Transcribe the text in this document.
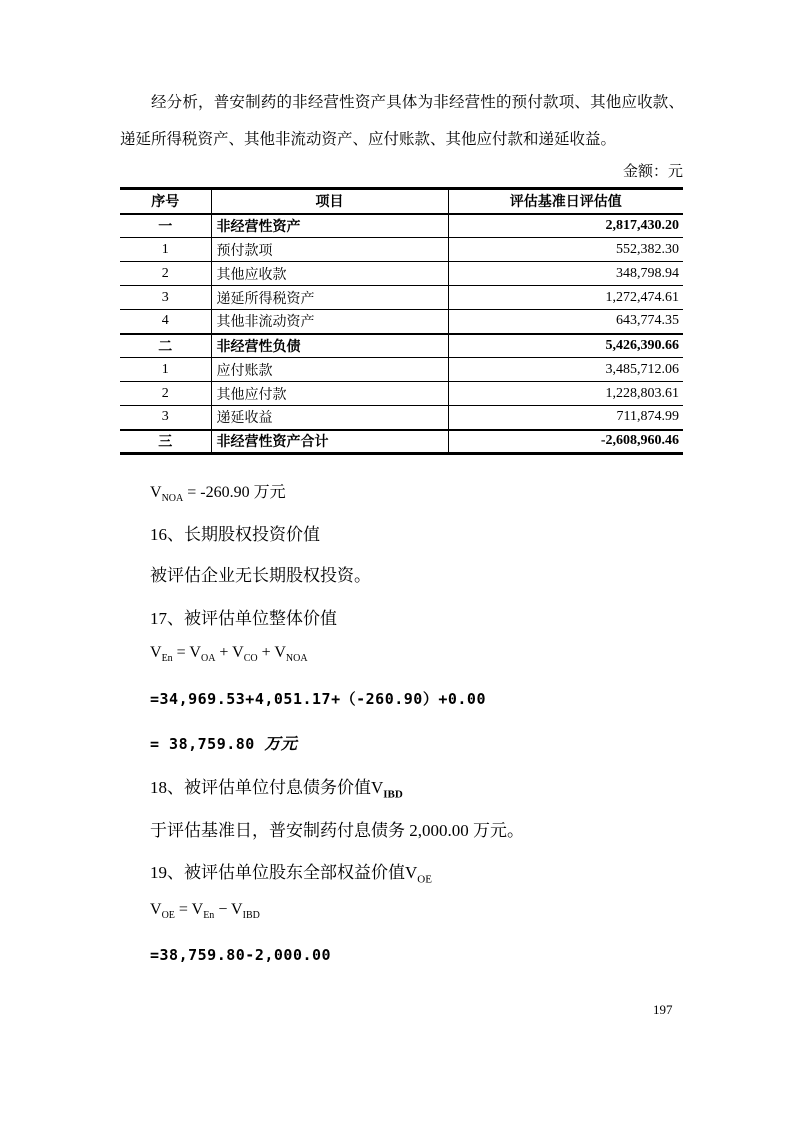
经分析，普安制药的非经营性资产具体为非经营性的预付款项、其他应收款、递延所得税资产、其他非流动资产、应付账款、其他应付款和递延收益。
金额：元
序号	项目	评估基准日评估值
一	非经营性资产	2,817,430.20
1	预付款项	552,382.30
2	其他应收款	348,798.94
3	递延所得税资产	1,272,474.61
4	其他非流动资产	643,774.35
二	非经营性负债	5,426,390.66
1	应付账款	3,485,712.06
2	其他应付款	1,228,803.61
3	递延收益	711,874.99
三	非经营性资产合计	-2,608,960.46
$V_{NOA} = -260.90$ 万元
16、长期股权投资价值
被评估企业无长期股权投资。
17、被评估单位整体价值
$V_{En} = V_{OA} + V_{CO} + V_{NOA}$
=34,969.53+4,051.17+（-260.90）+0.00
= 38,759.80 万元
18、被评估单位付息债务价值$V_{IBD}$
于评估基准日，普安制药付息债务 2,000.00 万元。
19、被评估单位股东全部权益价值$V_{OE}$
$V_{OE} = V_{En} - V_{IBD}$
=38,759.80-2,000.00
197
